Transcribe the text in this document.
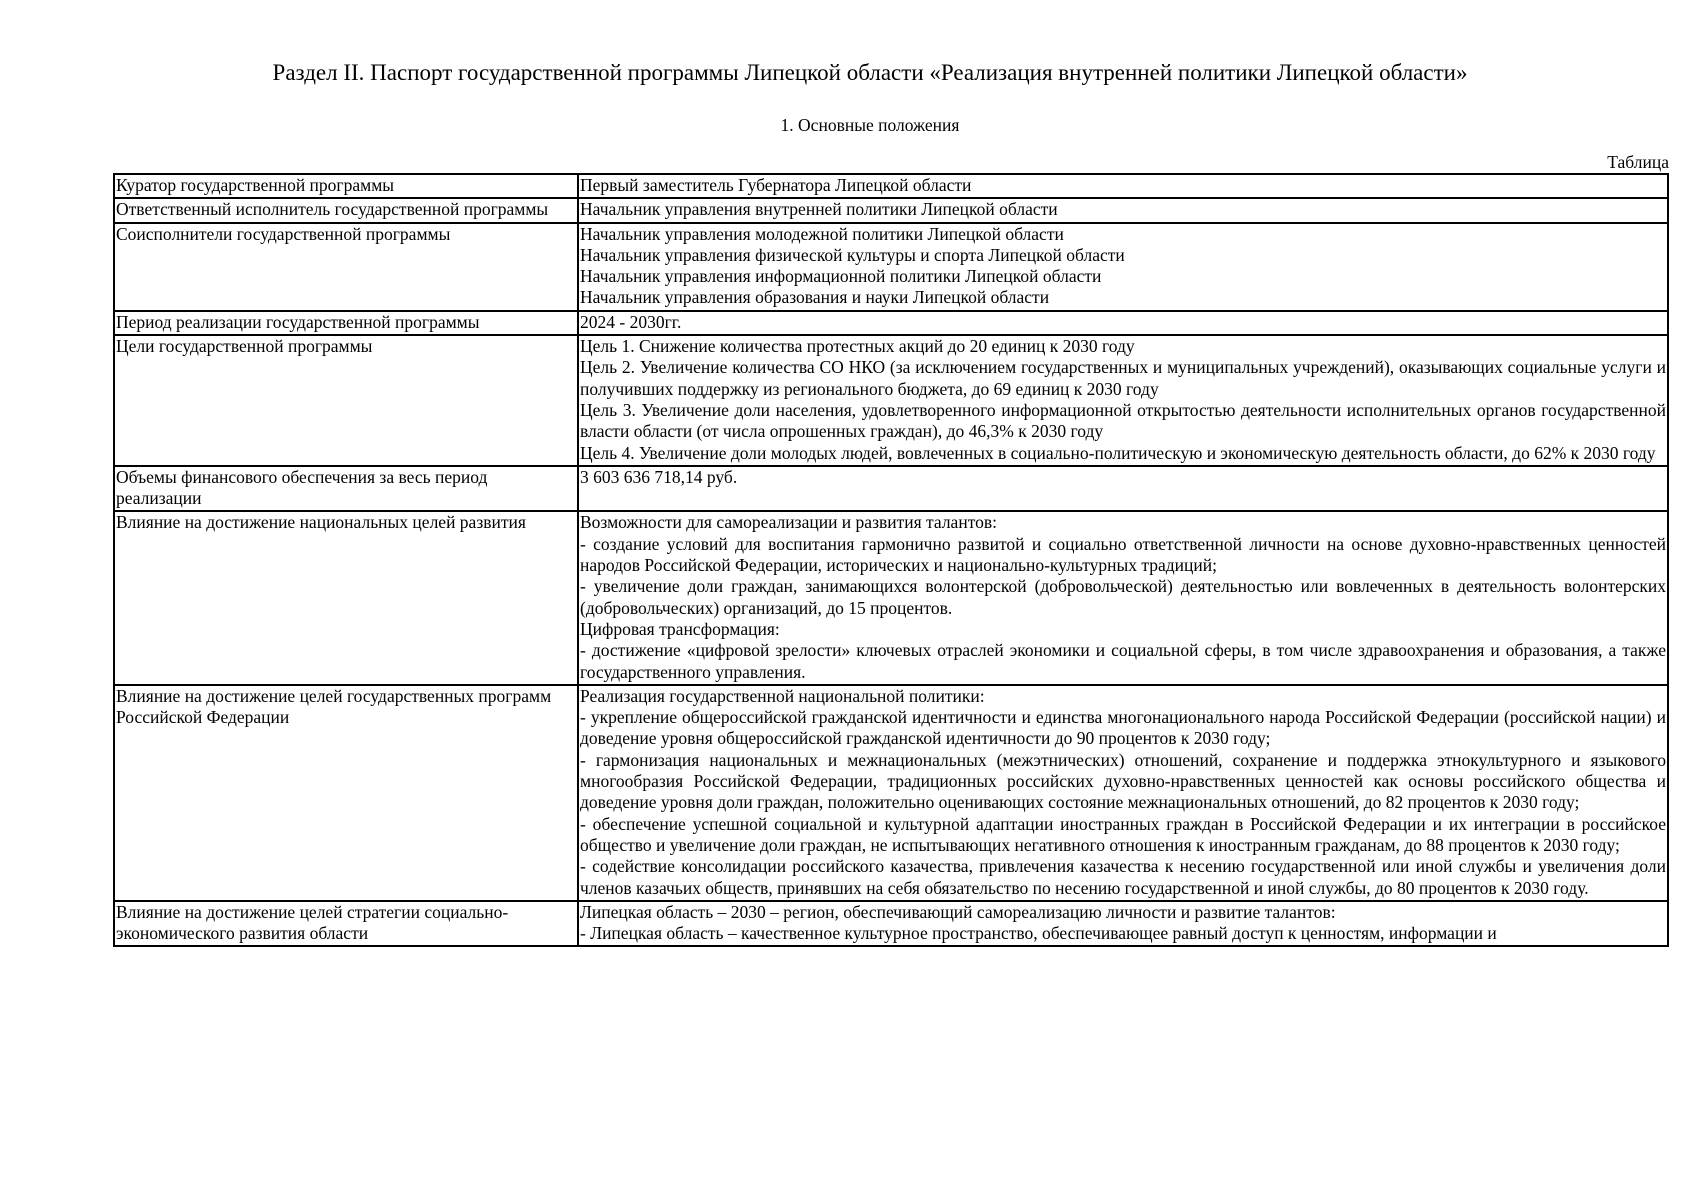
Раздел II. Паспорт государственной программы Липецкой области «Реализация внутренней политики Липецкой области»
1. Основные положения
Таблица
Куратор государственной программы	Первый заместитель Губернатора Липецкой области

Ответственный исполнитель государственной программы	Начальник управления внутренней политики Липецкой области

Соисполнители государственной программы	Начальник управления молодежной политики Липецкой области
Начальник управления физической культуры и спорта Липецкой области
Начальник управления информационной политики Липецкой области
Начальник управления образования и науки Липецкой области

Период реализации государственной программы	2024 - 2030гг.

Цели государственной программы	Цель 1. Снижение количества протестных акций до 20 единиц к 2030 году
Цель 2. Увеличение количества СО НКО (за исключением государственных и муниципальных учреждений), оказывающих социальные услуги и получивших поддержку из регионального бюджета, до 69 единиц к 2030 году
Цель 3. Увеличение доли населения, удовлетворенного информационной открытостью деятельности исполнительных органов государственной власти области (от числа опрошенных граждан), до 46,3% к 2030 году
Цель 4. Увеличение доли молодых людей, вовлеченных в социально-политическую и экономическую деятельность области, до 62% к 2030 году

Объемы финансового обеспечения за весь период реализации	3 603 636 718,14 руб.

Влияние на достижение национальных целей развития	Возможности для самореализации и развития талантов:
- создание условий для воспитания гармонично развитой и социально ответственной личности на основе духовно-нравственных ценностей народов Российской Федерации, исторических и национально-культурных традиций;
- увеличение доли граждан, занимающихся волонтерской (добровольческой) деятельностью или вовлеченных в деятельность волонтерских (добровольческих) организаций, до 15 процентов.
Цифровая трансформация:
- достижение «цифровой зрелости» ключевых отраслей экономики и социальной сферы, в том числе здравоохранения и образования, а также государственного управления.

Влияние на достижение целей государственных программ Российской Федерации	Реализация государственной национальной политики:
- укрепление общероссийской гражданской идентичности и единства многонационального народа Российской Федерации (российской нации) и доведение уровня общероссийской гражданской идентичности до 90 процентов к 2030 году;
- гармонизация национальных и межнациональных (межэтнических) отношений, сохранение и поддержка этнокультурного и языкового многообразия Российской Федерации, традиционных российских духовно-нравственных ценностей как основы российского общества и доведение уровня доли граждан, положительно оценивающих состояние межнациональных отношений, до 82 процентов к 2030 году;
- обеспечение успешной социальной и культурной адаптации иностранных граждан в Российской Федерации и их интеграции в российское общество и увеличение доли граждан, не испытывающих негативного отношения к иностранным гражданам, до 88 процентов к 2030 году;
- содействие консолидации российского казачества, привлечения казачества к несению государственной или иной службы и увеличения доли членов казачьих обществ, принявших на себя обязательство по несению государственной и иной службы, до 80 процентов к 2030 году.

Влияние на достижение целей стратегии социально-экономического развития области	Липецкая область – 2030 – регион, обеспечивающий самореализацию личности и развитие талантов:
- Липецкая область – качественное культурное пространство, обеспечивающее равный доступ к ценностям, информации и
